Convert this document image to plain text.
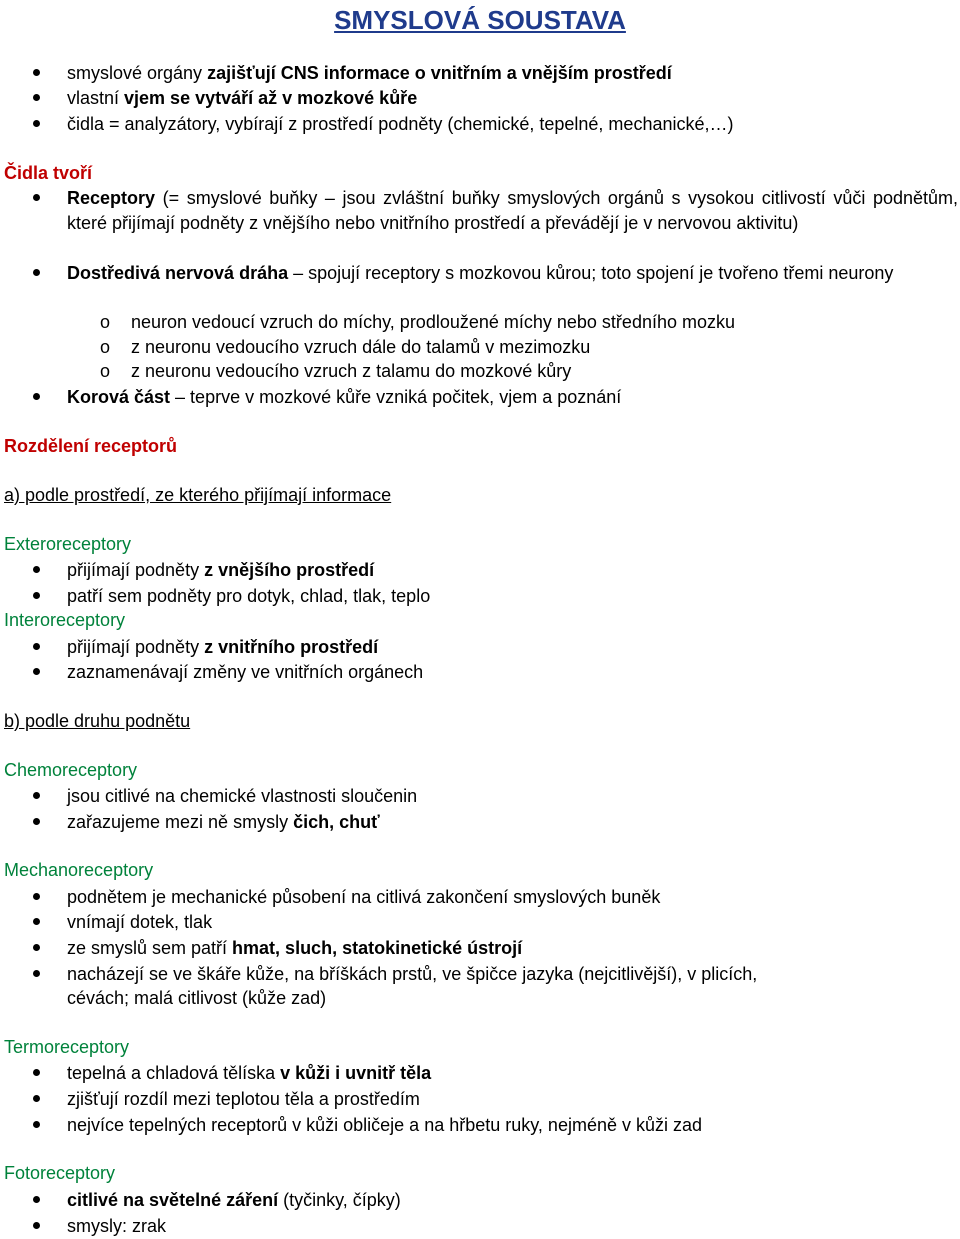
SMYSLOVÁ SOUSTAVA
smyslové orgány zajišťují CNS informace o vnitřním a vnějším prostředí
vlastní vjem se vytváří až v mozkové kůře
čidla = analyzátory, vybírají z prostředí podněty (chemické, tepelné, mechanické,…)
Čidla tvoří
Receptory (= smyslové buňky – jsou zvláštní buňky smyslových orgánů s vysokou citlivostí vůči podnětům, které přijímají podněty z vnějšího nebo vnitřního prostředí a převádějí je v nervovou aktivitu)
Dostředivá nervová dráha – spojují receptory s mozkovou kůrou; toto spojení je tvořeno třemi neurony
o neuron vedoucí vzruch do míchy, prodloužené míchy nebo středního mozku
o z neuronu vedoucího vzruch dále do talamů v mezimozku
o z neuronu vedoucího vzruch z talamu do mozkové kůry
Korová část – teprve v mozkové kůře vzniká počitek, vjem a poznání
Rozdělení receptorů
a) podle prostředí, ze kterého přijímají informace
Exteroreceptory
přijímají podněty z vnějšího prostředí
patří sem podněty pro dotyk, chlad, tlak, teplo
Interoreceptory
přijímají podněty z vnitřního prostředí
zaznamenávají změny ve vnitřních orgánech
b) podle druhu podnětu
Chemoreceptory
jsou citlivé na chemické vlastnosti sloučenin
zařazujeme mezi ně smysly čich, chuť
Mechanoreceptory
podnětem je mechanické působení na citlivá zakončení smyslových buněk
vnímají dotek, tlak
ze smyslů sem patří hmat, sluch, statokinetické ústrojí
nacházejí se ve škáře kůže, na bříškách prstů, ve špičce jazyka (nejcitlivější), v plicích,
cévách; malá citlivost (kůže zad)
Termoreceptory
tepelná a chladová tělíska v kůži i uvnitř těla
zjišťují rozdíl mezi teplotou těla a prostředím
nejvíce tepelných receptorů v kůži obličeje a na hřbetu ruky, nejméně v kůži zad
Fotoreceptory
citlivé na světelné záření (tyčinky, čípky)
smysly: zrak
